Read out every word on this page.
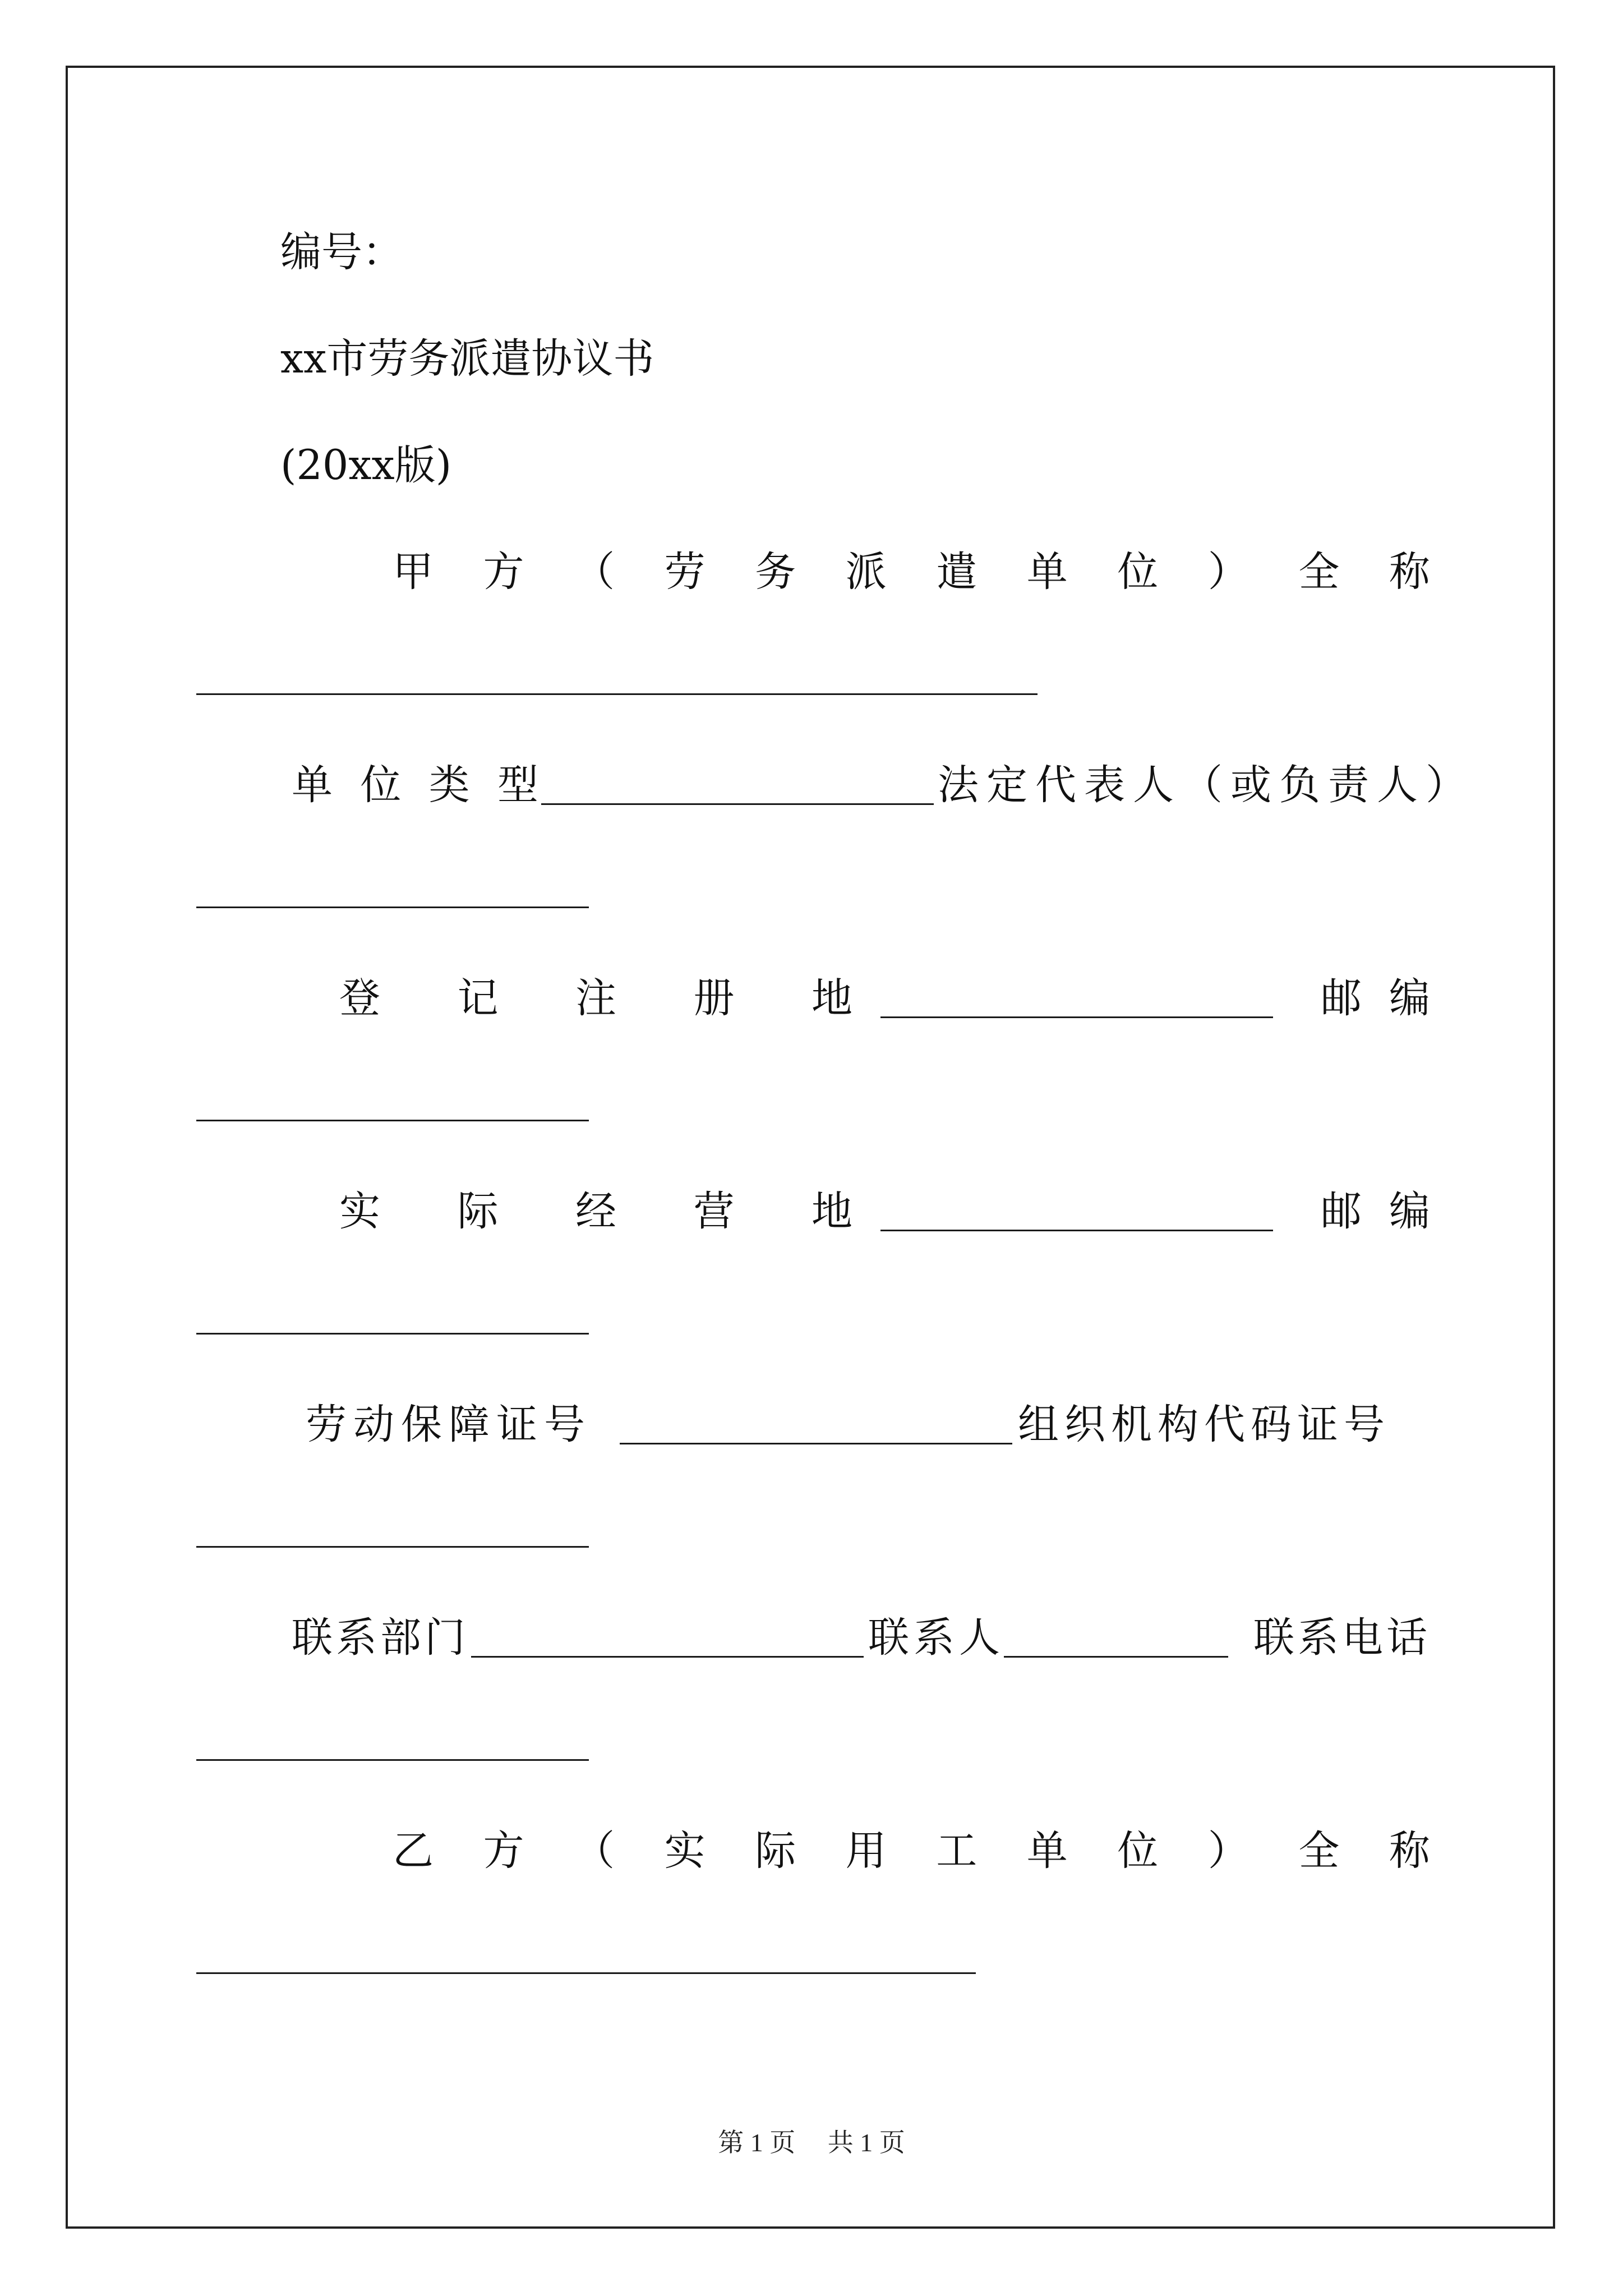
编号：
xx市劳务派遣协议书
(20xx版)
甲 方 （ 劳 务 派 遣 单 位 ） 全 称
单 位 类 型	法定代表人（或负责人）
登 记 注 册 地	邮 编
实 际 经 营 地	邮 编
劳动保障证号	组织机构代码证号
联系部门	联系人	联系电话
乙 方 （ 实 际 用 工 单 位 ） 全 称
第 1 页　 共 1 页
